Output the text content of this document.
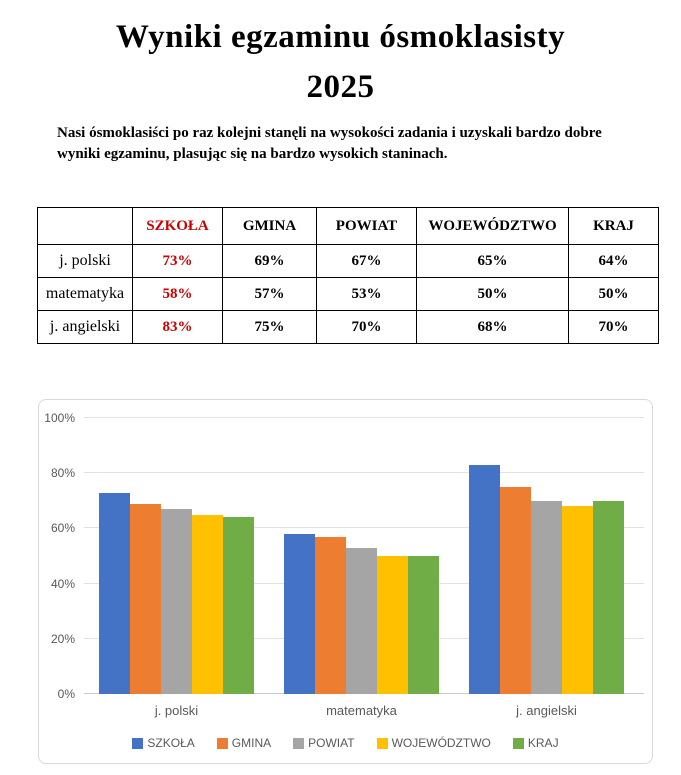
Wyniki egzaminu ósmoklasisty
2025

Nasi ósmoklasiści po raz kolejni stanęli na wysokości zadania i uzyskali bardzo dobre wyniki egzaminu, plasując się na bardzo wysokich staninach.

	SZKOŁA	GMINA	POWIAT	WOJEWÓDZTWO	KRAJ
j. polski	73%	69%	67%	65%	64%
matematyka	58%	57%	53%	50%	50%
j. angielski	83%	75%	70%	68%	70%
0%
20%
40%
60%
80%
100%
j. polski	matematyka	j. angielski
SZKOŁA	GMINA	POWIAT	WOJEWÓDZTWO	KRAJ
